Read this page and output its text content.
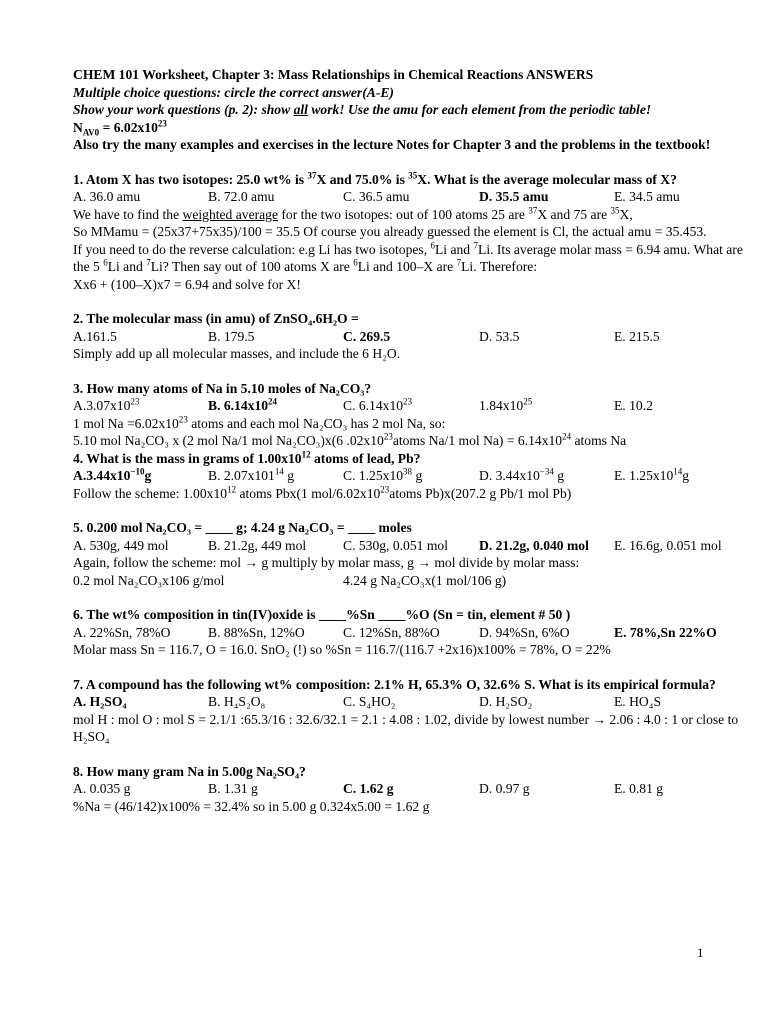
CHEM 101 Worksheet, Chapter 3: Mass Relationships in Chemical Reactions ANSWERS
Multiple choice questions: circle the correct answer(A-E)
Show your work questions (p. 2): show all work! Use the amu for each element from the periodic table!
$N_{AV0} = 6.02x10^{23}$
Also try the many examples and exercises in the lecture Notes for Chapter 3 and the problems in the textbook!
1. Atom X has two isotopes: 25.0 wt% is $^{37}$X and 75.0% is $^{35}$X. What is the average molecular mass of X?
A. 36.0 amu	B. 72.0 amu	C. 36.5 amu	D. 35.5 amu	E. 34.5 amu
We have to find the weighted average for the two isotopes: out of 100 atoms 25 are $^{37}$X and 75 are $^{35}$X,
So MMamu = (25x37+75x35)/100 = 35.5 Of course you already guessed the element is Cl, the actual amu = 35.453.
If you need to do the reverse calculation: e.g Li has two isotopes, $^6$Li and $^7$Li. Its average molar mass = 6.94 amu. What are the 5 $^6$Li and $^7$Li? Then say out of 100 atoms X are $^6$Li and 100–X are $^7$Li. Therefore:
Xx6 + (100–X)x7 = 6.94 and solve for X!
2. The molecular mass (in amu) of ZnSO₄.6H₂O =
A.161.5	B. 179.5	C. 269.5	D. 53.5	E. 215.5
Simply add up all molecular masses, and include the 6 H₂O.
3. How many atoms of Na in 5.10 moles of Na₂CO₃?
$A.3.07x10^{23}$	B. $6.14x10^{24}$	C. $6.14x10^{23}$	$1.84x10^{25}$	E. 10.2
1 mol $Na =6.02x10^{23}$ atoms and each mol Na₂CO₃ has 2 mol Na, so:
5.10 mol Na₂CO₃ x (2 mol Na/1 mol Na₂CO₃)x(6 $.02x10^{23}atoms$ Na/1 mol $Na) = 6.14x10^{24}$ atoms Na
4. What is the mass in grams of $1.00x10^{12}$ atoms of lead, Pb?
$A.3.44x10^{-10}g$	B. $2.07x101^{14}$ g	C. $1.25x10^{38}$ g	D. $3.44x10^{-34}$ g	E. $1.25x10^{14}g$
Follow the scheme: $1.00x10^{12}$ atoms Pbx(1 mol/$6.02x10^{23}atoms$ Pb)x(207.2 g Pb/1 mol Pb)
5. 0.200 mol Na₂CO₃ = ____ g; 4.24 g Na₂CO₃ = ____ moles
A. 530g, 449 mol	B. 21.2g, 449 mol	C. 530g, 0.051 mol D. 21.2g, 0.040 mol E. 16.6g, 0.051 mol
Again, follow the scheme: mol → g multiply by molar mass, g → mol divide by molar mass:
0.2 mol Na₂CO₃x106 g/mol	4.24 g Na₂CO₃x(1 mol/106 g)
6. The wt% composition in tin(IV)oxide is ____%Sn ____%O (Sn = tin, element # 50 )
A. 22%Sn, 78%O	B. 88%Sn, 12%O	C. 12%Sn, 88%O	D. 94%Sn, 6%O	E. 78%,Sn 22%O
Molar mass Sn = 116.7, O = 16.0. SnO₂ (!) so %Sn = 116.7/(116.7 +2x16)x100% = 78%, O = 22%
7. A compound has the following wt% composition: 2.1% H, 65.3% O, 32.6% S. What is its empirical formula?
A. H₂SO₄	B. H₄S₂O₈	C. S₄HO₂	D. H₂SO₂	E. HO₄S
mol H : mol O : mol S = 2.1/1 :65.3/16 : 32.6/32.1 = 2.1 : 4.08 : 1.02, divide by lowest number → 2.06 : 4.0 : 1 or close to H₂SO₄
8. How many gram Na in 5.00g Na₂SO₄?
A. 0.035 g	B. 1.31 g	C. 1.62 g	D. 0.97 g	E. 0.81 g
%Na = (46/142)x100% = 32.4% so in 5.00 g 0.324x5.00 = 1.62 g
1
